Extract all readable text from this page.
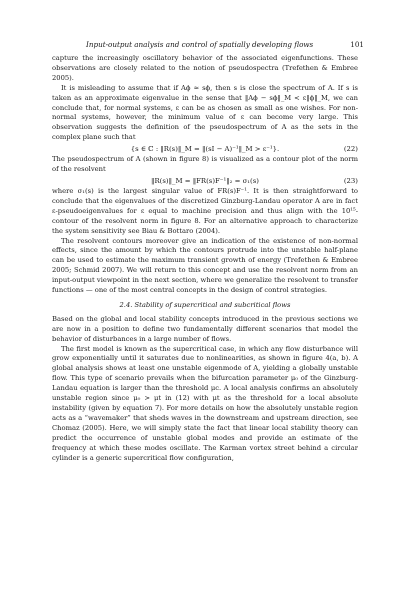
Input-output analysis and control of spatially developing flows	101

capture the increasingly oscillatory behavior of the associated eigenfunctions. These observations are closely related to the notion of pseudospectra (Trefethen & Embree 2005).

It is misleading to assume that if Aϕ ≈ sϕ, then s is close the spectrum of A. If s is taken as an approximate eigenvalue in the sense that ‖Aϕ − sϕ‖_M < ε‖ϕ‖_M, we can conclude that, for normal systems, ε can be as chosen as small as one wishes. For non-normal systems, however, the minimum value of ε can become very large. This observation suggests the definition of the pseudospectrum of A as the sets in the complex plane such that

{s ∈ ℂ : ‖R(s)‖_M = ‖(sI − A)⁻¹‖_M > ε⁻¹}.	(22)

The pseudospectrum of A (shown in figure 8) is visualized as a contour plot of the norm of the resolvent

‖R(s)‖_M = ‖FR(s)F⁻¹‖₂ = σ₁(s)	(23)

where σ₁(s) is the largest singular value of FR(s)F⁻¹. It is then straightforward to conclude that the eigenvalues of the discretized Ginzburg-Landau operator A are in fact ε-pseudoeigenvalues for ε equal to machine precision and thus align with the 10¹⁵-contour of the resolvent norm in figure 8. For an alternative approach to characterize the system sensitivity see Biau & Bottaro (2004).

The resolvent contours moreover give an indication of the existence of non-normal effects, since the amount by which the contours protrude into the unstable half-plane can be used to estimate the maximum transient growth of energy (Trefethen & Embree 2005; Schmid 2007). We will return to this concept and use the resolvent norm from an input-output viewpoint in the next section, where we generalize the resolvent to transfer functions — one of the most central concepts in the design of control strategies.

2.4. Stability of supercritical and subcritical flows

Based on the global and local stability concepts introduced in the previous sections we are now in a position to define two fundamentally different scenarios that model the behavior of disturbances in a large number of flows.

The first model is known as the supercritical case, in which any flow disturbance will grow exponentially until it saturates due to nonlinearities, as shown in figure 4(a, b). A global analysis shows at least one unstable eigenmode of A, yielding a globally unstable flow. This type of scenario prevails when the bifurcation parameter μ₀ of the Ginzburg-Landau equation is larger than the threshold μc. A local analysis confirms an absolutely unstable region since μ₀ > μt in (12) with μt as the threshold for a local absolute instability (given by equation 7). For more details on how the absolutely unstable region acts as a “wavemaker” that sheds waves in the downstream and upstream direction, see Chomaz (2005). Here, we will simply state the fact that linear local stability theory can predict the occurrence of unstable global modes and provide an estimate of the frequency at which these modes oscillate. The Karman vortex street behind a circular cylinder is a generic supercritical flow configuration,
